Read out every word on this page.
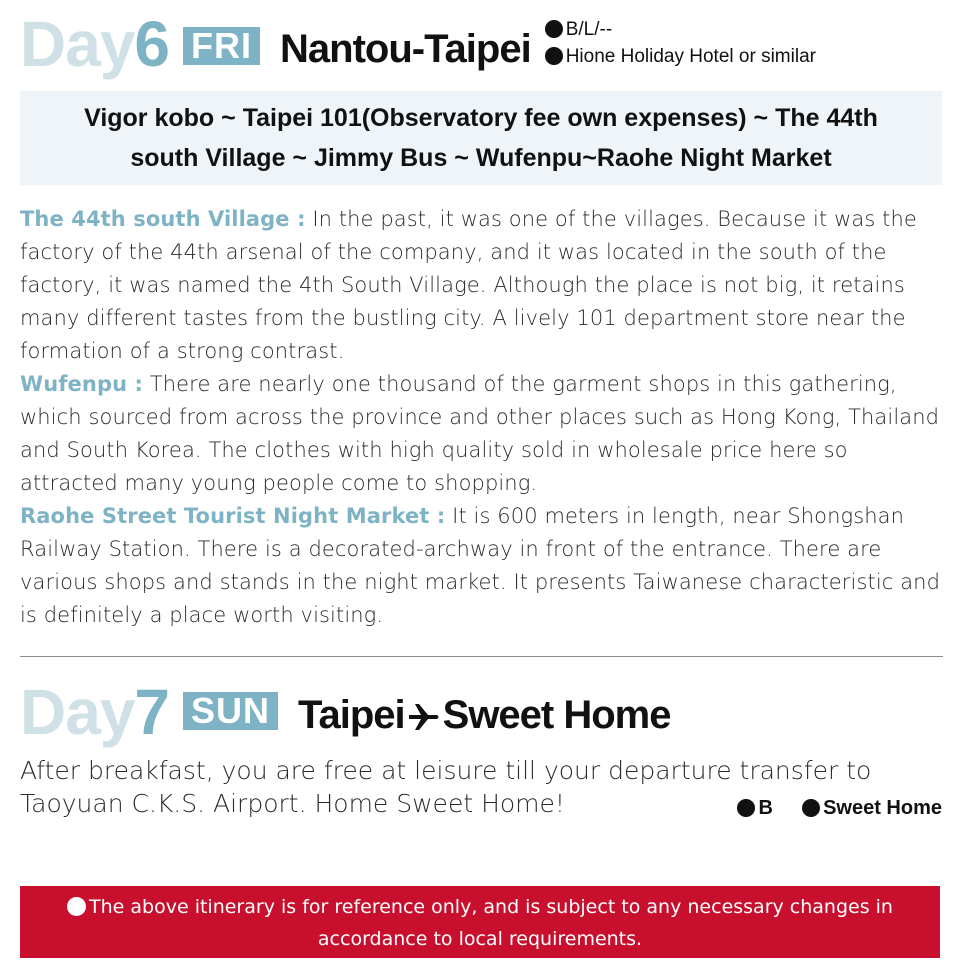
Day6 FRI Nantou-Taipei	B/L/--
Hione Holiday Hotel or similar
Vigor kobo ~ Taipei 101(Observatory fee own expenses) ~ The 44th
south Village ~ Jimmy Bus ~ Wufenpu~Raohe Night Market
The 44th south Village : In the past, it was one of the villages. Because it was the factory of the 44th arsenal of the company, and it was located in the south of the factory, it was named the 4th South Village. Although the place is not big, it retains many different tastes from the bustling city. A lively 101 department store near the formation of a strong contrast.
Wufenpu : There are nearly one thousand of the garment shops in this gathering, which sourced from across the province and other places such as Hong Kong, Thailand and South Korea. The clothes with high quality sold in wholesale price here so attracted many young people come to shopping.
Raohe Street Tourist Night Market : It is 600 meters in length, near Shongshan Railway Station. There is a decorated-archway in front of the entrance. There are various shops and stands in the night market. It presents Taiwanese characteristic and is definitely a place worth visiting.
Day7 SUN Taipei Sweet Home
After breakfast, you are free at leisure till your departure transfer to Taoyuan C.K.S. Airport. Home Sweet Home!	B	Sweet Home
The above itinerary is for reference only, and is subject to any necessary changes in accordance to local requirements.
